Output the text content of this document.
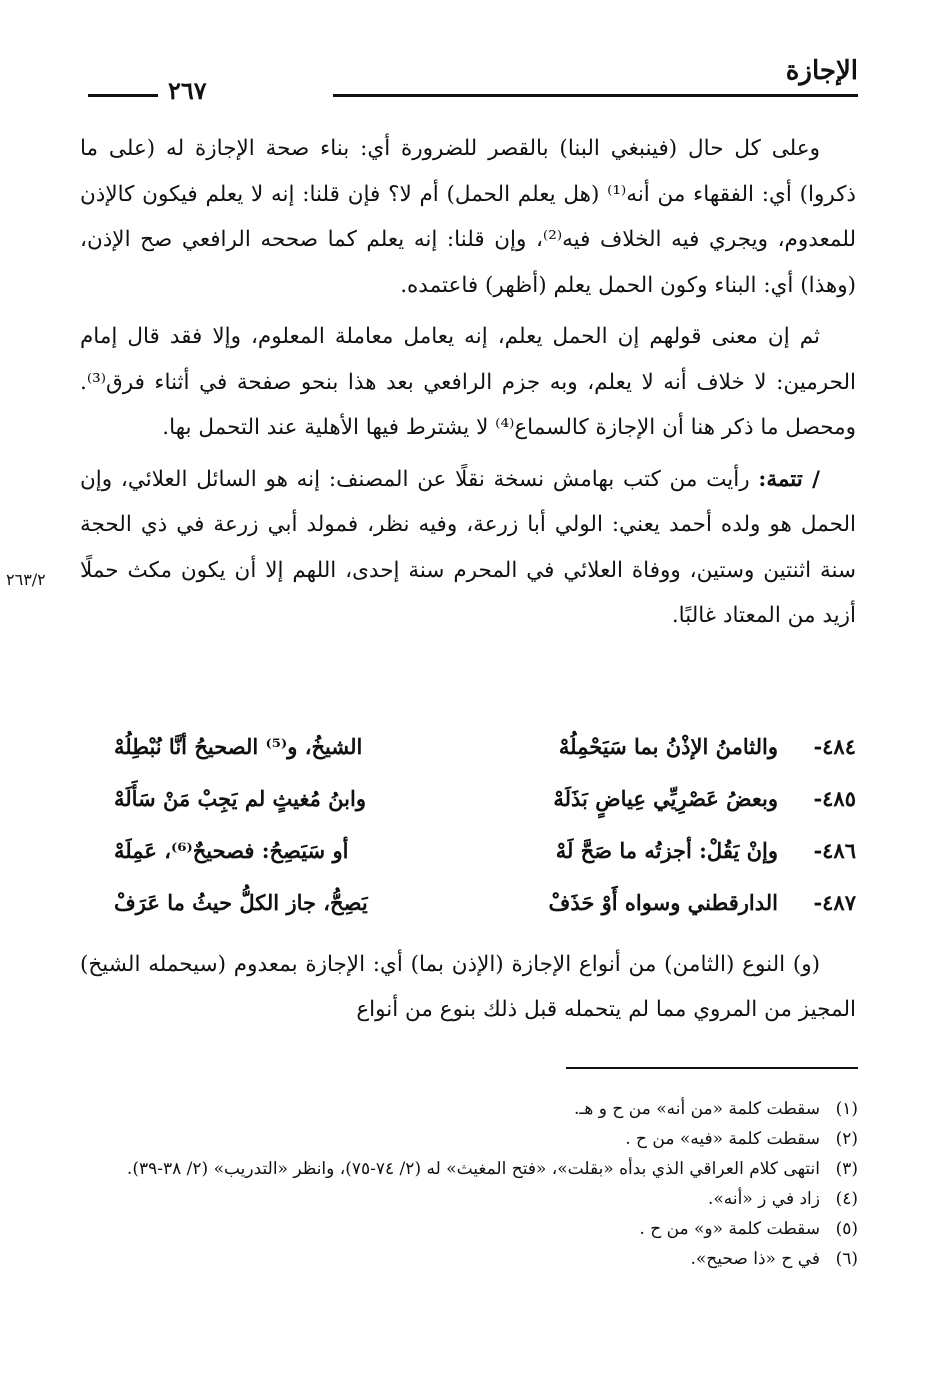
الإجازة
٢٦٧

وعلى كل حال (فينبغي البنا) بالقصر للضرورة أي: بناء صحة الإجازة له (على ما ذكروا) أي: الفقهاء من أنه⁽¹⁾ (هل يعلم الحمل) أم لا؟ فإن قلنا: إنه لا يعلم فيكون كالإذن للمعدوم، ويجري فيه الخلاف فيه⁽²⁾، وإن قلنا: إنه يعلم كما صححه الرافعي صح الإذن، (وهذا) أي: البناء وكون الحمل يعلم (أظهر) فاعتمده.

ثم إن معنى قولهم إن الحمل يعلم، إنه يعامل معاملة المعلوم، وإلا فقد قال إمام الحرمين: لا خلاف أنه لا يعلم، وبه جزم الرافعي بعد هذا بنحو صفحة في أثناء فرق⁽³⁾. ومحصل ما ذكر هنا أن الإجازة كالسماع⁽⁴⁾ لا يشترط فيها الأهلية عند التحمل بها.

/ تتمة: رأيت من كتب بهامش نسخة نقلًا عن المصنف: إنه هو السائل العلائي، وإن الحمل هو ولده أحمد يعني: الولي أبا زرعة، وفيه نظر، فمولد أبي زرعة في ذي الحجة سنة اثنتين وستين، ووفاة العلائي في المحرم سنة إحدى، اللهم إلا أن يكون مكث حملًا أزيد من المعتاد غالبًا.

٢٦٣/٢
٤٨٤-
والثامنُ الإذْنُ بما سَيَحْمِلُهْ
الشيخُ، و⁽⁵⁾ الصحيحُ أنَّا نُبْطِلُهْ
٤٨٥-
وبعضُ عَصْرِيِّي عِياضٍ بَذَلَهْ
وابنُ مُغيثٍ لم يَجِبْ مَنْ سَأَلَهْ
٤٨٦-
وإنْ يَقُلْ: أجزتُه ما صَحَّ لَهْ
أو سَيَصِحُ: فصحيحٌ⁽⁶⁾، عَمِلَهْ
٤٨٧-
الدارقطني وسواه أَوْ حَذَفْ
يَصِحُّ، جاز الكلُّ حيثُ ما عَرَفْ

(و) النوع (الثامن) من أنواع الإجازة (الإذن بما) أي: الإجازة بمعدوم (سيحمله الشيخ) المجيز من المروي مما لم يتحمله قبل ذلك بنوع من أنواع

(١)
سقطت كلمة «من أنه» من ح و هـ.
(٢)
سقطت كلمة «فيه» من ح .
(٣)
انتهى كلام العراقي الذي بدأه «بقلت»، «فتح المغيث» له (٢/ ٧٤-٧٥)، وانظر «التدريب» (٢/ ٣٨-٣٩).
(٤)
زاد في ز «أنه».
(٥)
سقطت كلمة «و» من ح .
(٦)
في ح «ذا صحيح».
